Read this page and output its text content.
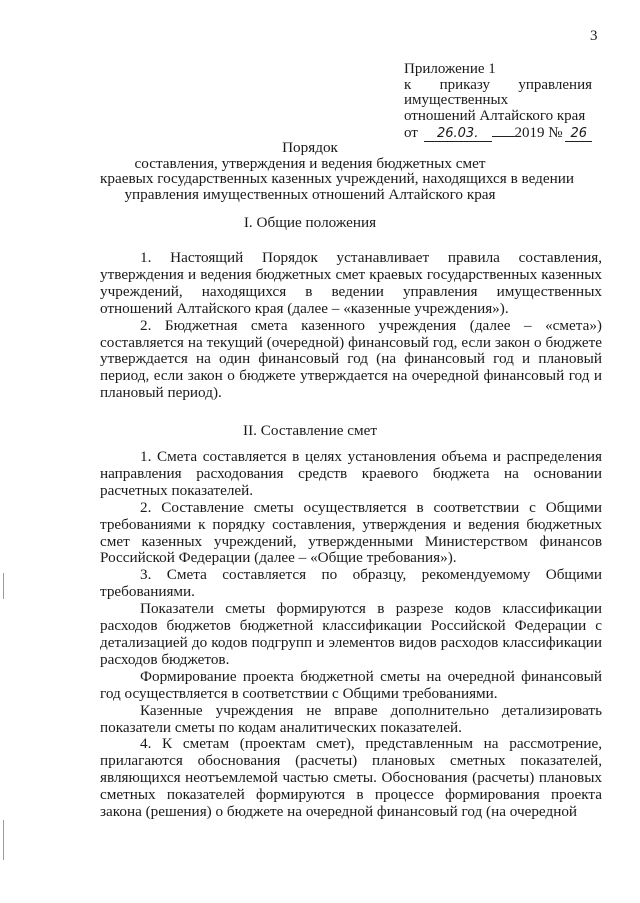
3
Приложение 1
к приказу управления
имущественных
отношений Алтайского края
от	26.03.	2019 № 26
Порядок
составления, утверждения и ведения бюджетных смет
краевых государственных казенных учреждений, находящихся в ведении
управления имущественных отношений Алтайского края
I. Общие положения

1. Настоящий Порядок устанавливает правила составления, утверждения и ведения бюджетных смет краевых государственных казенных учреждений, находящихся в ведении управления имущественных отношений Алтайского края (далее – «казенные учреждения»).

2. Бюджетная смета казенного учреждения (далее – «смета») составляется на текущий (очередной) финансовый год, если закон о бюджете утверждается на один финансовый год (на финансовый год и плановый период, если закон о бюджете утверждается на очередной финансовый год и плановый период).

II. Составление смет

1. Смета составляется в целях установления объема и распределения направления расходования средств краевого бюджета на основании расчетных показателей.

2. Составление сметы осуществляется в соответствии с Общими требованиями к порядку составления, утверждения и ведения бюджетных смет казенных учреждений, утвержденными Министерством финансов Российской Федерации (далее – «Общие требования»).

3. Смета составляется по образцу, рекомендуемому Общими требованиями.

Показатели сметы формируются в разрезе кодов классификации расходов бюджетов бюджетной классификации Российской Федерации с детализацией до кодов подгрупп и элементов видов расходов классификации расходов бюджетов.

Формирование проекта бюджетной сметы на очередной финансовый год осуществляется в соответствии с Общими требованиями.

Казенные учреждения не вправе дополнительно детализировать показатели сметы по кодам аналитических показателей.

4. К сметам (проектам смет), представленным на рассмотрение, прилагаются обоснования (расчеты) плановых сметных показателей, являющихся неотъемлемой частью сметы. Обоснования (расчеты) плановых сметных показателей формируются в процессе формирования проекта закона (решения) о бюджете на очередной финансовый год (на очередной
